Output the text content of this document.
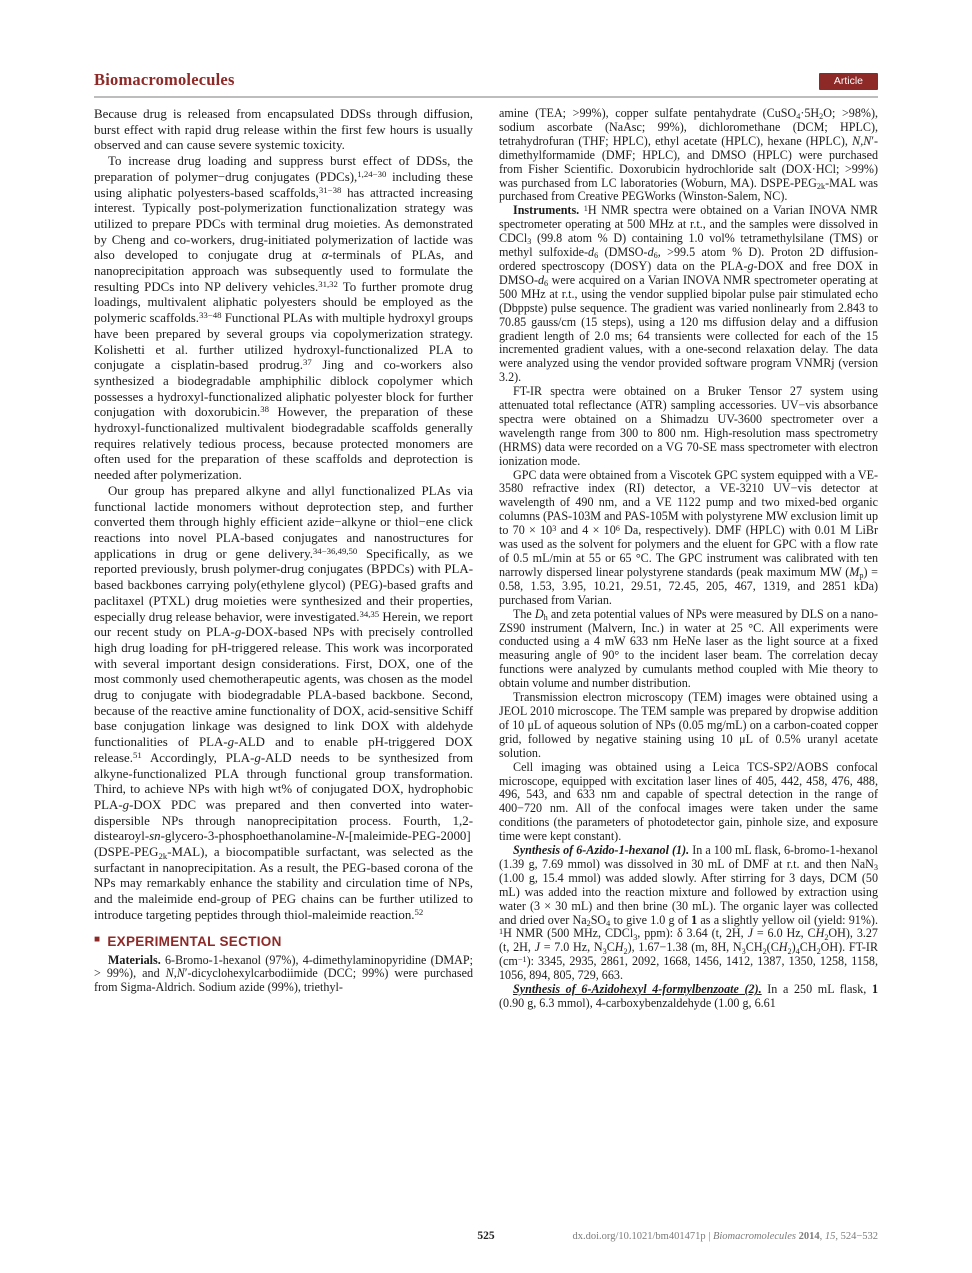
Biomacromolecules	Article

Because drug is released from encapsulated DDSs through diffusion, burst effect with rapid drug release within the first few hours is usually observed and can cause severe systemic toxicity.

To increase drug loading and suppress burst effect of DDSs, the preparation of polymer−drug conjugates (PDCs),$^{1,24-30}$ including these using aliphatic polyesters-based scaffolds,$^{31-38}$ has attracted increasing interest. Typically post-polymerization functionalization strategy was utilized to prepare PDCs with terminal drug moieties. As demonstrated by Cheng and co-workers, drug-initiated polymerization of lactide was also developed to conjugate drug at α-terminals of PLAs, and nanoprecipitation approach was subsequently used to formulate the resulting PDCs into NP delivery vehicles.$^{31,32}$ To further promote drug loadings, multivalent aliphatic polyesters should be employed as the polymeric scaffolds.$^{33-48}$ Functional PLAs with multiple hydroxyl groups have been prepared by several groups via copolymerization strategy. Kolishetti et al. further utilized hydroxyl-functionalized PLA to conjugate a cisplatin-based prodrug.$^{37}$ Jing and co-workers also synthesized a biodegradable amphiphilic diblock copolymer which possesses a hydroxyl-functionalized aliphatic polyester block for further conjugation with doxorubicin.$^{38}$ However, the preparation of these hydroxyl-functionalized multivalent biodegradable scaffolds generally requires relatively tedious process, because protected monomers are often used for the preparation of these scaffolds and deprotection is needed after polymerization.

Our group has prepared alkyne and allyl functionalized PLAs via functional lactide monomers without deprotection step, and further converted them through highly efficient azide−alkyne or thiol−ene click reactions into novel PLA-based conjugates and nanostructures for applications in drug or gene delivery.$^{34-36,49,50}$ Specifically, as we reported previously, brush polymer-drug conjugates (BPDCs) with PLA-based backbones carrying poly(ethylene glycol) (PEG)-based grafts and paclitaxel (PTXL) drug moieties were synthesized and their properties, especially drug release behavior, were investigated.$^{34,35}$ Herein, we report our recent study on PLA-g-DOX-based NPs with precisely controlled high drug loading for pH-triggered release. This work was incorporated with several important design considerations. First, DOX, one of the most commonly used chemotherapeutic agents, was chosen as the model drug to conjugate with biodegradable PLA-based backbone. Second, because of the reactive amine functionality of DOX, acid-sensitive Schiff base conjugation linkage was designed to link DOX with aldehyde functionalities of PLA-g-ALD and to enable pH-triggered DOX release.$^{51}$ Accordingly, PLA-g-ALD needs to be synthesized from alkyne-functionalized PLA through functional group transformation. Third, to achieve NPs with high wt% of conjugated DOX, hydrophobic PLA-g-DOX PDC was prepared and then converted into water-dispersible NPs through nanoprecipitation process. Fourth, 1,2-distearoyl-sn-glycero-3-phosphoethanolamine-N-[maleimide-PEG-2000] $(DSPE-PEG_{2k}-MAL)$, a biocompatible surfactant, was selected as the surfactant in nanoprecipitation. As a result, the PEG-based corona of the NPs may remarkably enhance the stability and circulation time of NPs, and the maleimide end-group of PEG chains can be further utilized to introduce targeting peptides through thiol-maleimide reaction.$^{52}$

■ EXPERIMENTAL SECTION

Materials. 6-Bromo-1-hexanol (97%), 4-dimethylaminopyridine (DMAP; > 99%), and N,N′-dicyclohexylcarbodiimide (DCC; 99%) were purchased from Sigma-Aldrich. Sodium azide (99%), triethyl-

amine (TEA; >99%), copper sulfate pentahydrate ($CuSO_4\cdot 5H_2O$; >98%), sodium ascorbate (NaAsc; 99%), dichloromethane (DCM; HPLC), tetrahydrofuran (THF; HPLC), ethyl acetate (HPLC), hexane (HPLC), N,N′-dimethylformamide (DMF; HPLC), and DMSO (HPLC) were purchased from Fisher Scientific. Doxorubicin hydrochloride salt (DOX·HCl; >99%) was purchased from LC laboratories (Woburn, MA). DSPE-$PEG_{2k}$-MAL was purchased from Creative PEGWorks (Winston-Salem, NC).

Instruments. $^1$H NMR spectra were obtained on a Varian INOVA NMR spectrometer operating at 500 MHz at r.t., and the samples were dissolved in CDCl$_3$ (99.8 atom % D) containing 1.0 vol% tetramethylsilane (TMS) or methyl sulfoxide-$d_6$ ($DMSO-d_6$, >99.5 atom % D). Proton 2D diffusion-ordered spectroscopy (DOSY) data on the PLA-g-DOX and free DOX in DMSO-$d_6$ were acquired on a Varian INOVA NMR spectrometer operating at 500 MHz at r.t., using the vendor supplied bipolar pulse pair stimulated echo (Dbppste) pulse sequence. The gradient was varied nonlinearly from 2.843 to 70.85 gauss/cm (15 steps), using a 120 ms diffusion delay and a diffusion gradient length of 2.0 ms; 64 transients were collected for each of the 15 incremented gradient values, with a one-second relaxation delay. The data were analyzed using the vendor provided software program VNMRj (version 3.2).

FT-IR spectra were obtained on a Bruker Tensor 27 system using attenuated total reflectance (ATR) sampling accessories. UV−vis absorbance spectra were obtained on a Shimadzu UV-3600 spectrometer over a wavelength range from 300 to 800 nm. High-resolution mass spectrometry (HRMS) data were recorded on a VG 70-SE mass spectrometer with electron ionization mode.

GPC data were obtained from a Viscotek GPC system equipped with a VE-3580 refractive index (RI) detector, a VE-3210 UV−vis detector at wavelength of 490 nm, and a VE 1122 pump and two mixed-bed organic columns (PAS-103M and PAS-105M with polystyrene MW exclusion limit up to $70 \times 10^3$ and $4 \times 10^6$ Da, respectively). DMF (HPLC) with 0.01 M LiBr was used as the solvent for polymers and the eluent for GPC with a flow rate of 0.5 mL/min at 55 or 65 °C. The GPC instrument was calibrated with ten narrowly dispersed linear polystyrene standards (peak maximum MW $(M_p) = 0.58$, 1.53, 3.95, 10.21, 29.51, 72.45, 205, 467, 1319, and 2851 kDa) purchased from Varian.

The $D_h$ and zeta potential values of NPs were measured by DLS on a nano-ZS90 instrument (Malvern, Inc.) in water at 25 °C. All experiments were conducted using a 4 mW 633 nm HeNe laser as the light source at a fixed measuring angle of 90° to the incident laser beam. The correlation decay functions were analyzed by cumulants method coupled with Mie theory to obtain volume and number distribution.

Transmission electron microscopy (TEM) images were obtained using a JEOL 2010 microscope. The TEM sample was prepared by dropwise addition of 10 μL of aqueous solution of NPs (0.05 mg/mL) on a carbon-coated copper grid, followed by negative staining using 10 μL of 0.5% uranyl acetate solution.

Cell imaging was obtained using a Leica TCS-SP2/AOBS confocal microscope, equipped with excitation laser lines of 405, 442, 458, 476, 488, 496, 543, and 633 nm and capable of spectral detection in the range of 400−720 nm. All of the confocal images were taken under the same conditions (the parameters of photodetector gain, pinhole size, and exposure time were kept constant).

Synthesis of 6-Azido-1-hexanol (1). In a 100 mL flask, 6-bromo-1-hexanol (1.39 g, 7.69 mmol) was dissolved in 30 mL of DMF at r.t. and then NaN$_3$ (1.00 g, 15.4 mmol) was added slowly. After stirring for 3 days, DCM (50 mL) was added into the reaction mixture and followed by extraction using water (3 × 30 mL) and then brine (30 mL). The organic layer was collected and dried over $Na_2SO_4$ to give 1.0 g of 1 as a slightly yellow oil (yield: 91%). $^1$H NMR (500 MHz, CDCl$_3$, ppm): δ 3.64 (t, 2H, J = 6.0 Hz, $CH_2OH$), 3.27 (t, 2H, J = 7.0 Hz, $N_3CH_2$), 1.67−1.38 (m, 8H, $N_3CH_2(CH_2)_4CH_2OH$). FT-IR $(cm^{-1})$: 3345, 2935, 2861, 2092, 1668, 1456, 1412, 1387, 1350, 1258, 1158, 1056, 894, 805, 729, 663.

Synthesis of 6-Azidohexyl 4-formylbenzoate (2). In a 250 mL flask, 1 (0.90 g, 6.3 mmol), 4-carboxybenzaldehyde (1.00 g, 6.61

525	dx.doi.org/10.1021/bm401471p | Biomacromolecules 2014, 15, 524−532
